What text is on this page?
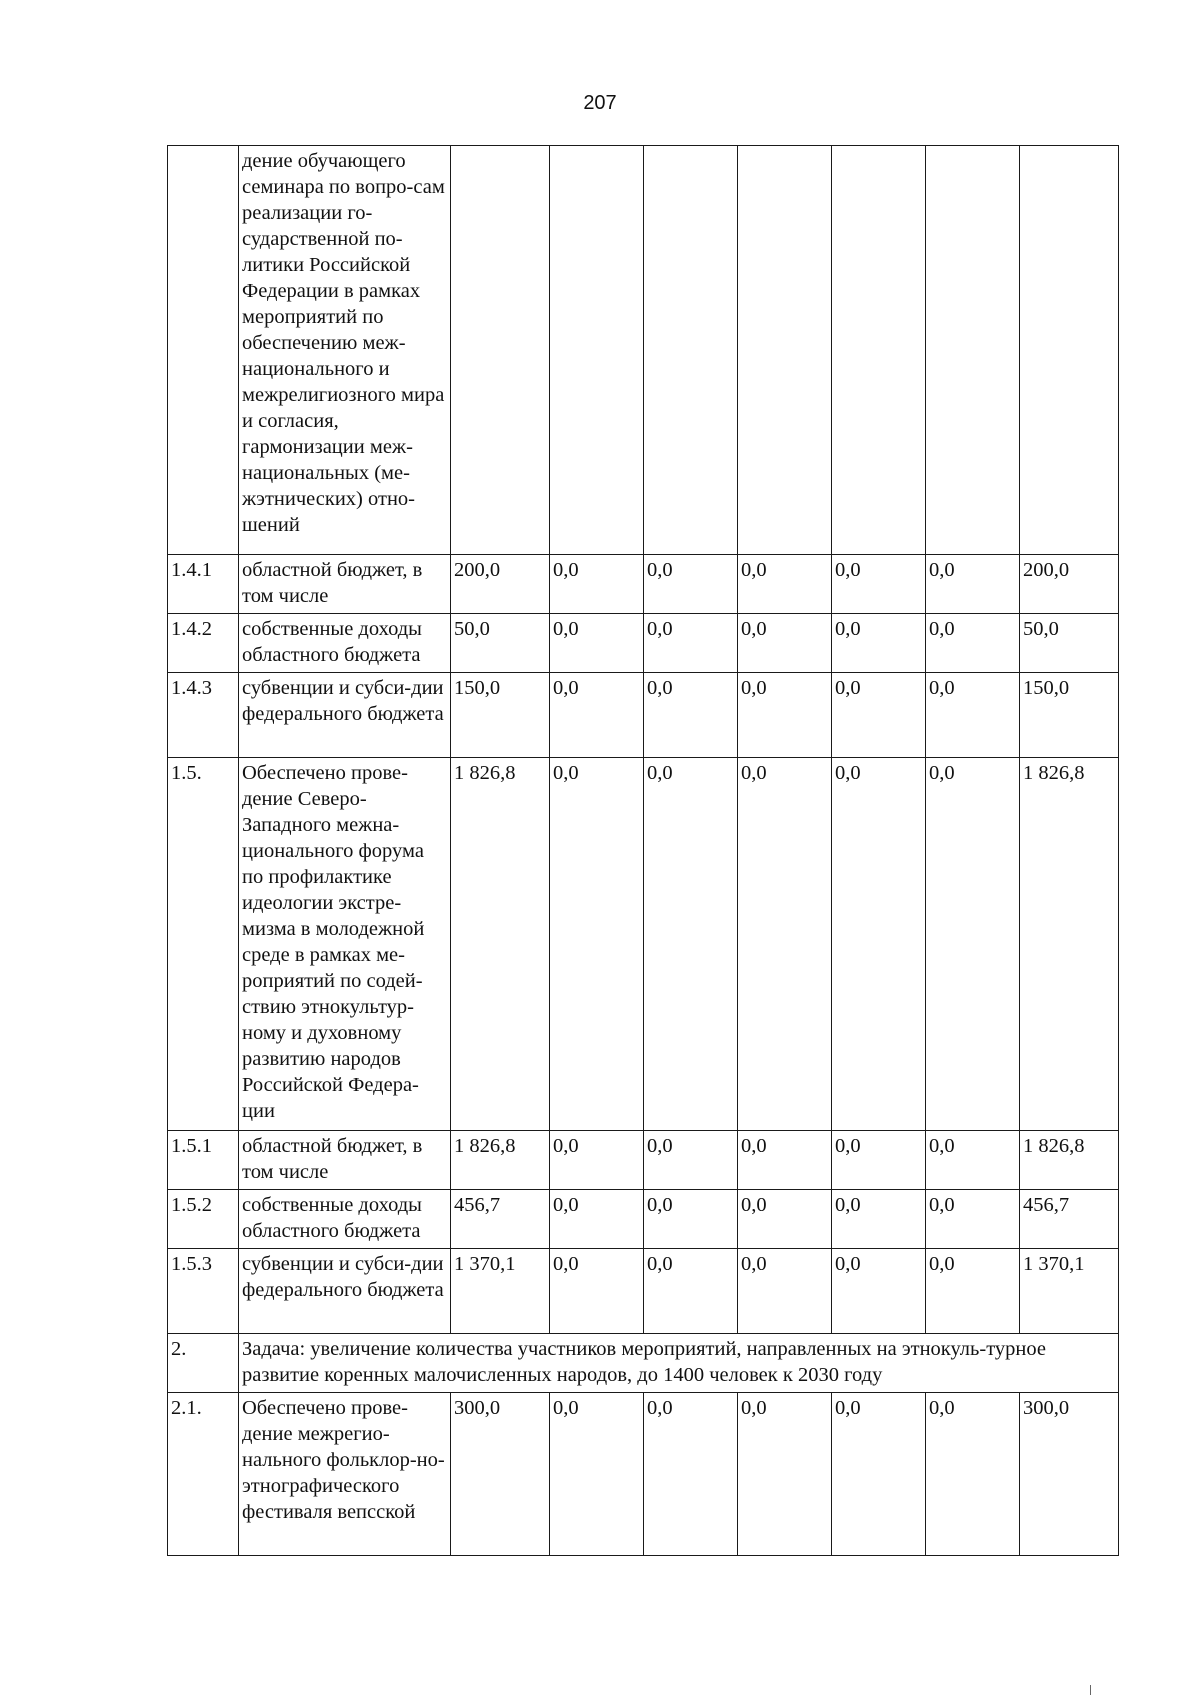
207
	дение обучающего семинара по вопро-сам реализации го-сударственной по-литики Российской Федерации в рамках мероприятий по обеспечению меж-национального и межрелигиозного мира и согласия, гармонизации меж-национальных (ме-жэтнических) отно-шений							
1.4.1	областной бюджет, в том числе	200,0	0,0	0,0	0,0	0,0	0,0	200,0
1.4.2	собственные доходы областного бюджета	50,0	0,0	0,0	0,0	0,0	0,0	50,0
1.4.3	субвенции и субси-дии федерального бюджета	150,0	0,0	0,0	0,0	0,0	0,0	150,0
1.5.	Обеспечено прове-дение Северо-Западного межна-ционального форума по профилактике идеологии экстре-мизма в молодежной среде в рамках ме-роприятий по содей-ствию этнокультур-ному и духовному развитию народов Российской Федера-ции	1 826,8	0,0	0,0	0,0	0,0	0,0	1 826,8
1.5.1	областной бюджет, в том числе	1 826,8	0,0	0,0	0,0	0,0	0,0	1 826,8
1.5.2	собственные доходы областного бюджета	456,7	0,0	0,0	0,0	0,0	0,0	456,7
1.5.3	субвенции и субси-дии федерального бюджета	1 370,1	0,0	0,0	0,0	0,0	0,0	1 370,1
2.	Задача: увеличение количества участников мероприятий, направленных на этнокуль-турное развитие коренных малочисленных народов, до 1400 человек к 2030 году							
2.1.	Обеспечено прове-дение межрегио-нального фольклор-но-этнографического фестиваля вепсской	300,0	0,0	0,0	0,0	0,0	0,0	300,0
